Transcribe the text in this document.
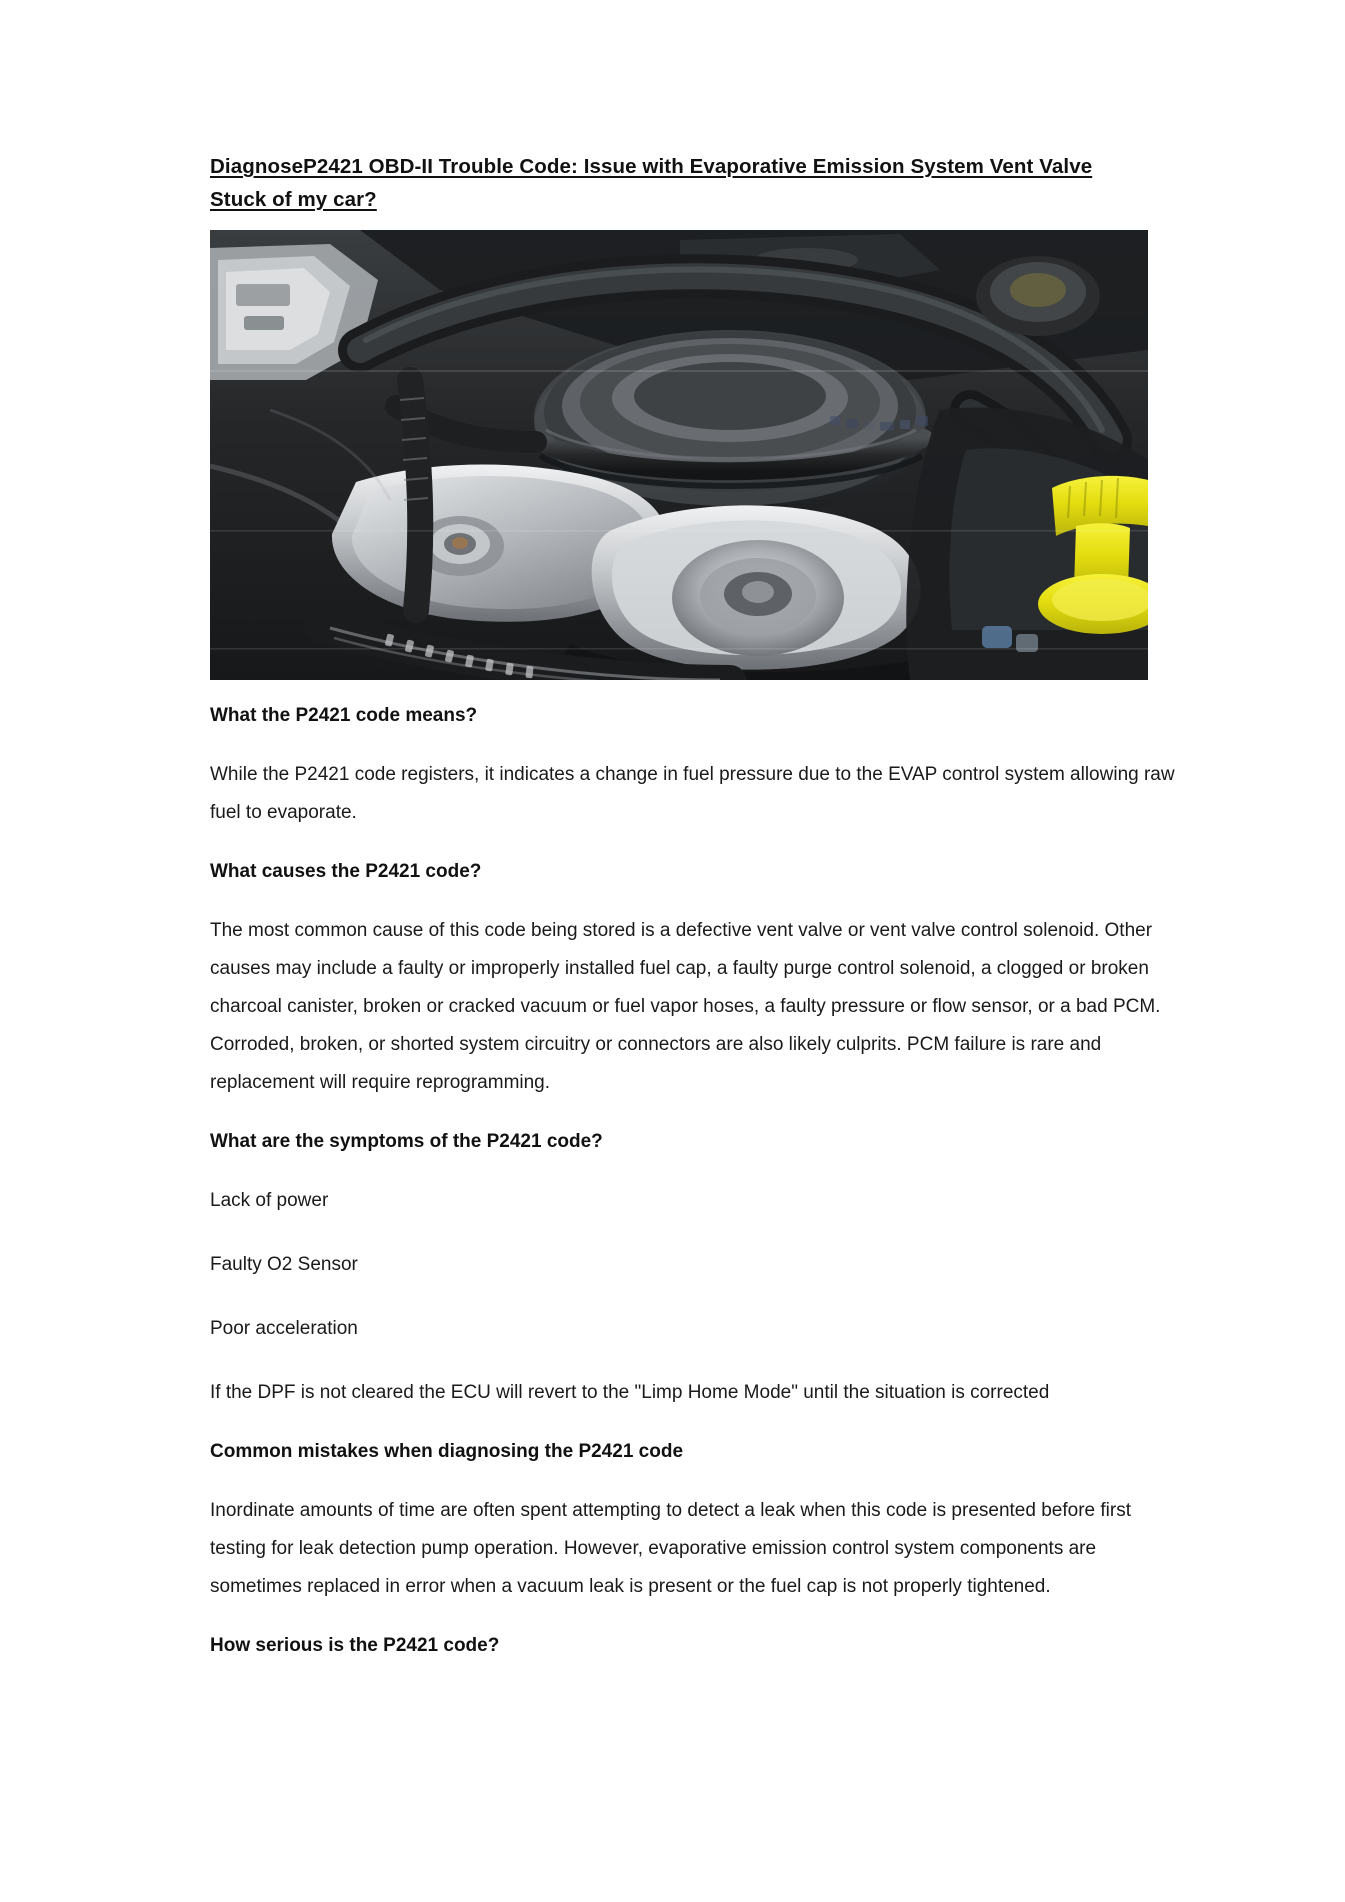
DiagnoseP2421 OBD-II Trouble Code: Issue with Evaporative Emission System Vent Valve
Stuck of my car?
What the P2421 code means?

While the P2421 code registers, it indicates a change in fuel pressure due to the EVAP control system allowing raw fuel to evaporate.

What causes the P2421 code?

The most common cause of this code being stored is a defective vent valve or vent valve control solenoid. Other causes may include a faulty or improperly installed fuel cap, a faulty purge control solenoid, a clogged or broken charcoal canister, broken or cracked vacuum or fuel vapor hoses, a faulty pressure or flow sensor, or a bad PCM. Corroded, broken, or shorted system circuitry or connectors are also likely culprits. PCM failure is rare and replacement will require reprogramming.

What are the symptoms of the P2421 code?

Lack of power

Faulty O2 Sensor

Poor acceleration

If the DPF is not cleared the ECU will revert to the "Limp Home Mode" until the situation is corrected

Common mistakes when diagnosing the P2421 code

Inordinate amounts of time are often spent attempting to detect a leak when this code is presented before first testing for leak detection pump operation. However, evaporative emission control system components are sometimes replaced in error when a vacuum leak is present or the fuel cap is not properly tightened.

How serious is the P2421 code?
